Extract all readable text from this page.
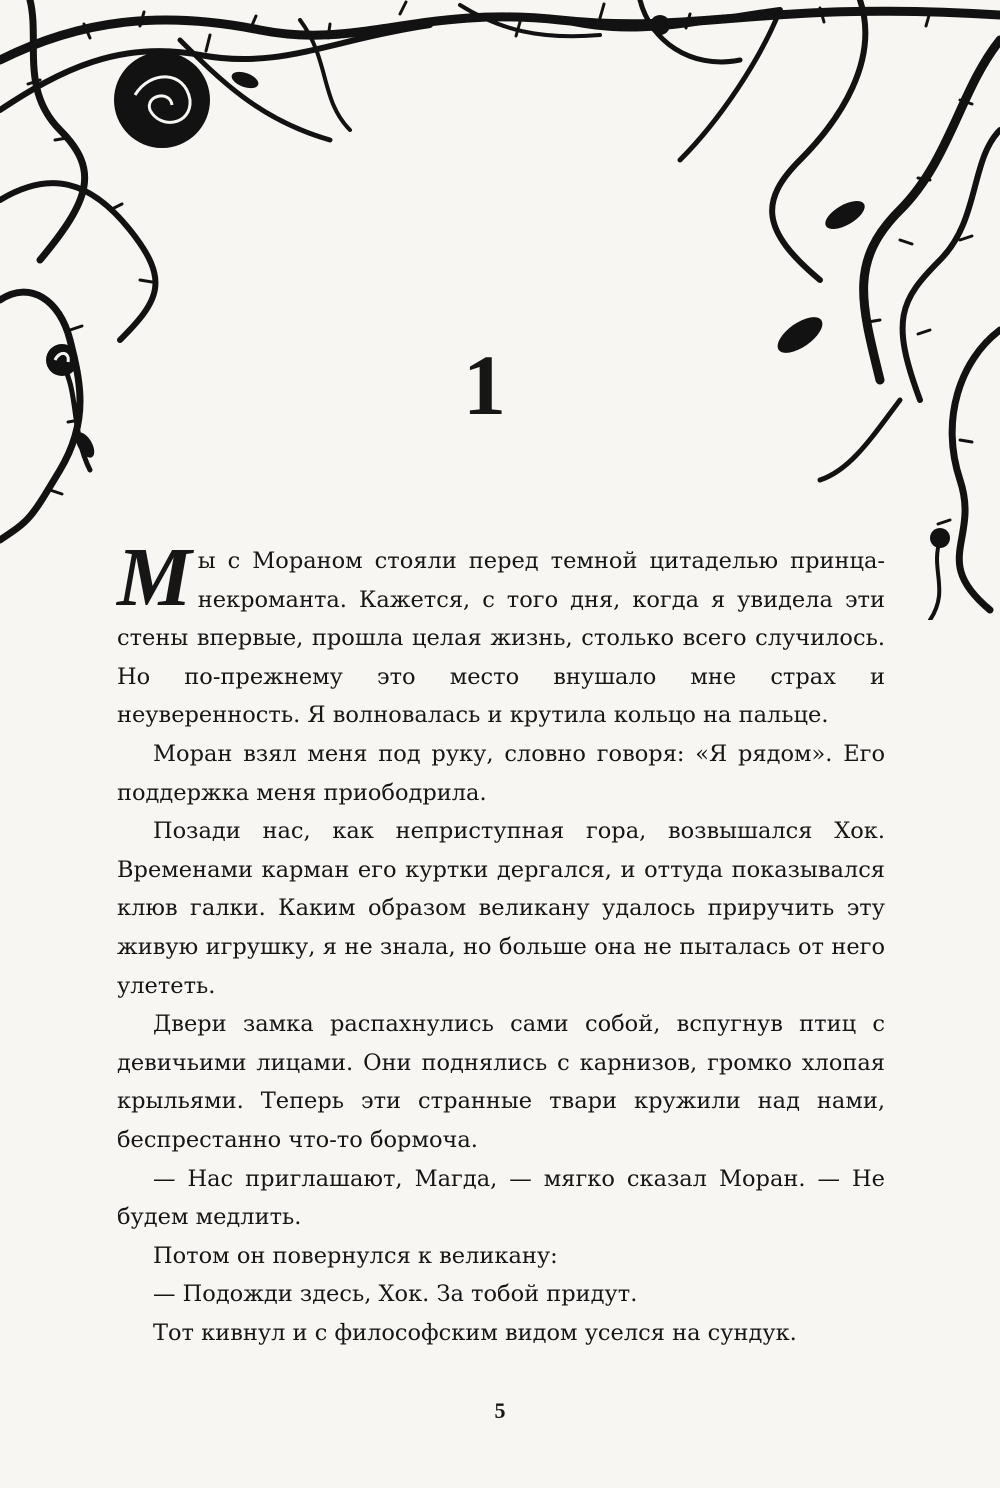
1

Мы с Мораном стояли перед темной цитаделью принца-некроманта. Кажется, с того дня, когда я увидела эти стены впервые, прошла целая жизнь, столько всего случилось. Но по-прежнему это место внушало мне страх и неуверенность. Я волновалась и крутила кольцо на пальце.

Моран взял меня под руку, словно говоря: «Я рядом». Его поддержка меня приободрила.

Позади нас, как неприступная гора, возвышался Хок. Временами карман его куртки дергался, и оттуда показывался клюв галки. Каким образом великану удалось приручить эту живую игрушку, я не знала, но больше она не пыталась от него улететь.

Двери замка распахнулись сами собой, вспугнув птиц с девичьими лицами. Они поднялись с карнизов, громко хлопая крыльями. Теперь эти странные твари кружили над нами, беспрестанно что-то бормоча.

— Нас приглашают, Магда, — мягко сказал Моран. — Не будем медлить.

Потом он повернулся к великану:

— Подожди здесь, Хок. За тобой придут.

Тот кивнул и с философским видом уселся на сундук.

5
